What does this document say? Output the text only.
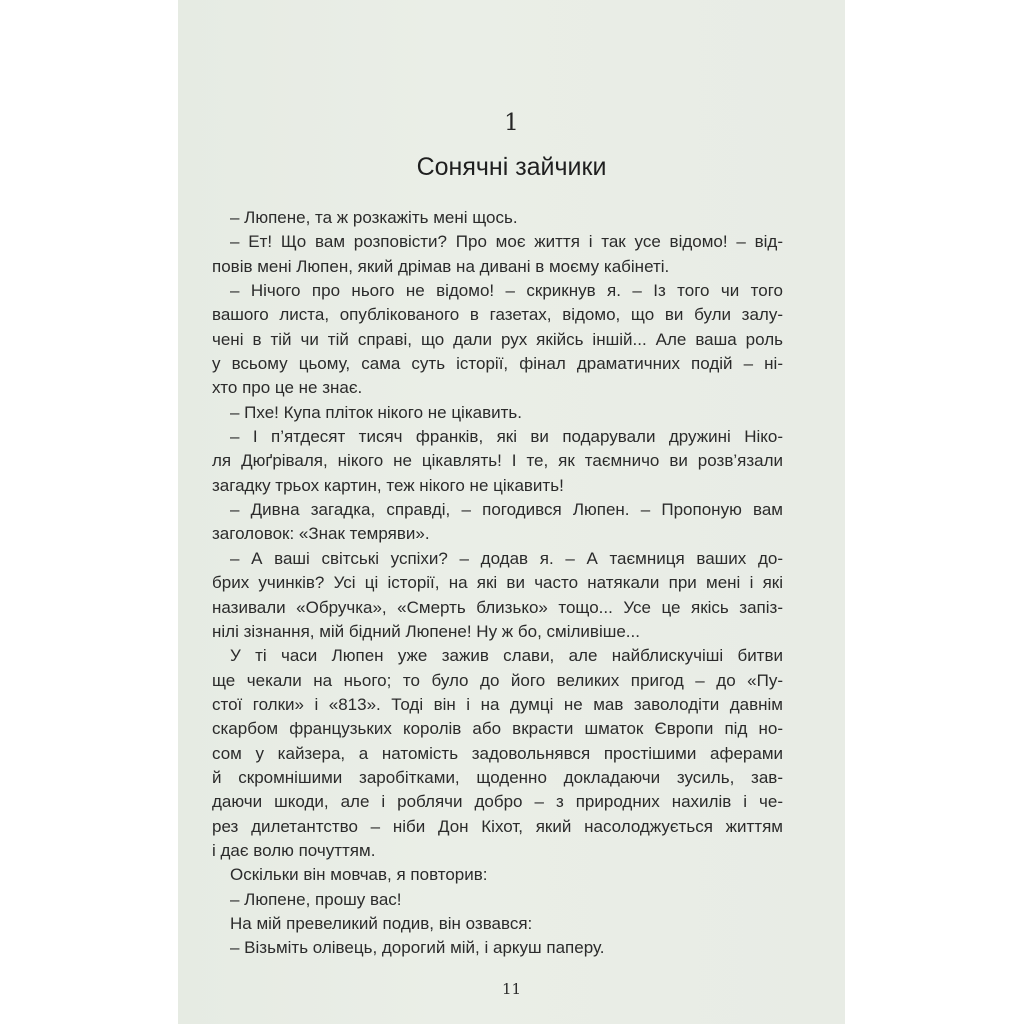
1
Сонячні зайчики
– Люпене, та ж розкажіть мені щось.
– Ет! Що вам розповісти? Про моє життя і так усе відомо! – від-
повів мені Люпен, який дрімав на дивані в моєму кабінеті.
– Нічого про нього не відомо! – скрикнув я. – Із того чи того
вашого листа, опублікованого в газетах, відомо, що ви були залу-
чені в тій чи тій справі, що дали рух якійсь іншій... Але ваша роль
у всьому цьому, сама суть історії, фінал драматичних подій – ні-
хто про це не знає.
– Пхе! Купа пліток нікого не цікавить.
– І п’ятдесят тисяч франків, які ви подарували дружині Ніко-
ля Дюґріваля, нікого не цікавлять! І те, як таємничо ви розв’язали
загадку трьох картин, теж нікого не цікавить!
– Дивна загадка, справді, – погодився Люпен. – Пропоную вам
заголовок: «Знак темряви».
– А ваші світські успіхи? – додав я. – А таємниця ваших до-
брих учинків? Усі ці історії, на які ви часто натякали при мені і які
називали «Обручка», «Смерть близько» тощо... Усе це якісь запіз-
нілі зізнання, мій бідний Люпене! Ну ж бо, сміливіше...
У ті часи Люпен уже зажив слави, але найблискучіші битви
ще чекали на нього; то було до його великих пригод – до «Пу-
стої голки» і «813». Тоді він і на думці не мав заволодіти давнім
скарбом французьких королів або вкрасти шматок Європи під но-
сом у кайзера, а натомість задовольнявся простішими аферами
й скромнішими заробітками, щоденно докладаючи зусиль, зав-
даючи шкоди, але і роблячи добро – з природних нахилів і че-
рез дилетантство – ніби Дон Кіхот, який насолоджується життям
і дає волю почуттям.
Оскільки він мовчав, я повторив:
– Люпене, прошу вас!
На мій превеликий подив, він озвався:
– Візьміть олівець, дорогий мій, і аркуш паперу.
11
